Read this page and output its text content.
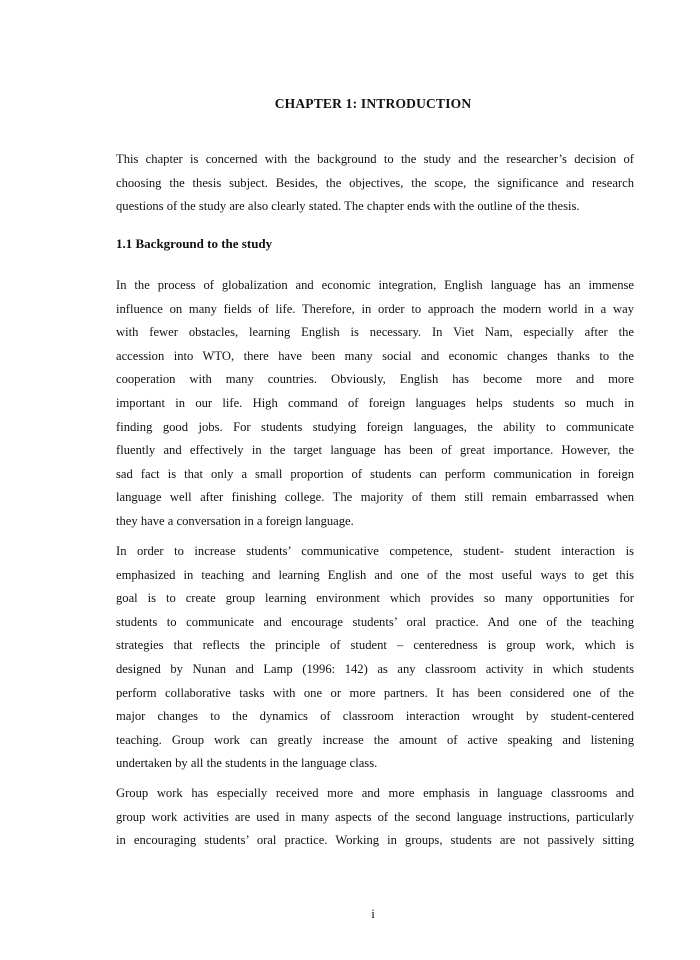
CHAPTER 1: INTRODUCTION

This chapter is concerned with the background to the study and the researcher’s decision of
choosing the thesis subject. Besides, the objectives, the scope, the significance and research
questions of the study are also clearly stated. The chapter ends with the outline of the thesis.

1.1 Background to the study

In the process of globalization and economic integration, English language has an immense
influence on many fields of life. Therefore, in order to approach the modern world in a way
with fewer obstacles, learning English is necessary. In Viet Nam, especially after the
accession into WTO, there have been many social and economic changes thanks to the
cooperation with many countries. Obviously, English has become more and more
important in our life. High command of foreign languages helps students so much in
finding good jobs. For students studying foreign languages, the ability to communicate
fluently and effectively in the target language has been of great importance. However, the
sad fact is that only a small proportion of students can perform communication in foreign
language well after finishing college. The majority of them still remain embarrassed when
they have a conversation in a foreign language.

In order to increase students’ communicative competence, student- student interaction is
emphasized in teaching and learning English and one of the most useful ways to get this
goal is to create group learning environment which provides so many opportunities for
students to communicate and encourage students’ oral practice. And one of the teaching
strategies that reflects the principle of student – centeredness is group work, which is
designed by Nunan and Lamp (1996: 142) as any classroom activity in which students
perform collaborative tasks with one or more partners. It has been considered one of the
major changes to the dynamics of classroom interaction wrought by student-centered
teaching. Group work can greatly increase the amount of active speaking and listening
undertaken by all the students in the language class.

Group work has especially received more and more emphasis in language classrooms and
group work activities are used in many aspects of the second language instructions, particularly
in encouraging students’ oral practice. Working in groups, students are not passively sitting

i
